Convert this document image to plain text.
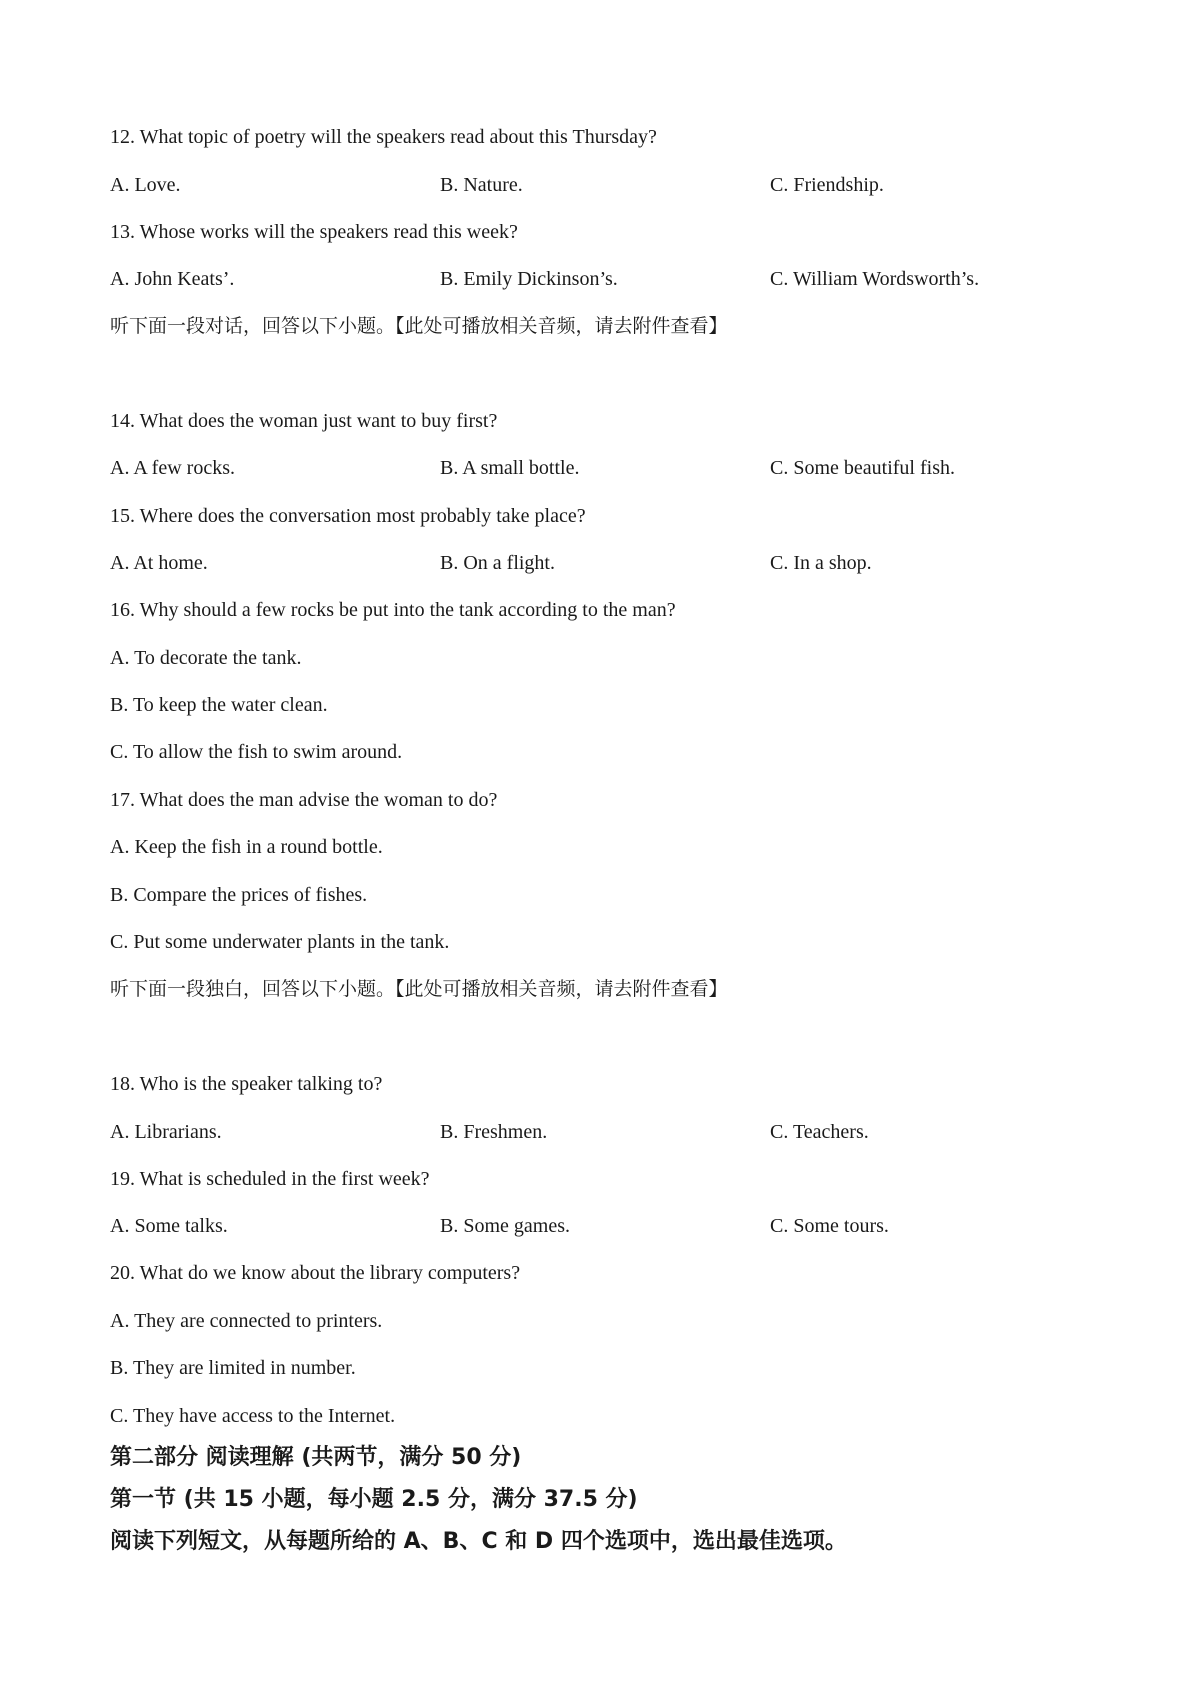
12. What topic of poetry will the speakers read about this Thursday?
A. Love.	B. Nature.	C. Friendship.
13. Whose works will the speakers read this week?
A. John Keats’.	B. Emily Dickinson’s.	C. William Wordsworth’s.
听下面一段对话，回答以下小题。【此处可播放相关音频，请去附件查看】
14. What does the woman just want to buy first?
A. A few rocks.	B. A small bottle.	C. Some beautiful fish.
15. Where does the conversation most probably take place?
A. At home.	B. On a flight.	C. In a shop.
16. Why should a few rocks be put into the tank according to the man?
A. To decorate the tank.
B. To keep the water clean.
C. To allow the fish to swim around.
17. What does the man advise the woman to do?
A. Keep the fish in a round bottle.
B. Compare the prices of fishes.
C. Put some underwater plants in the tank.
听下面一段独白，回答以下小题。【此处可播放相关音频，请去附件查看】
18. Who is the speaker talking to?
A. Librarians.	B. Freshmen.	C. Teachers.
19. What is scheduled in the first week?
A. Some talks.	B. Some games.	C. Some tours.
20. What do we know about the library computers?
A. They are connected to printers.
B. They are limited in number.
C. They have access to the Internet.
第二部分 阅读理解 (共两节，满分 50 分)
第一节 (共 15 小题，每小题 2.5 分，满分 37.5 分)
阅读下列短文，从每题所给的 A、B、C 和 D 四个选项中，选出最佳选项。
